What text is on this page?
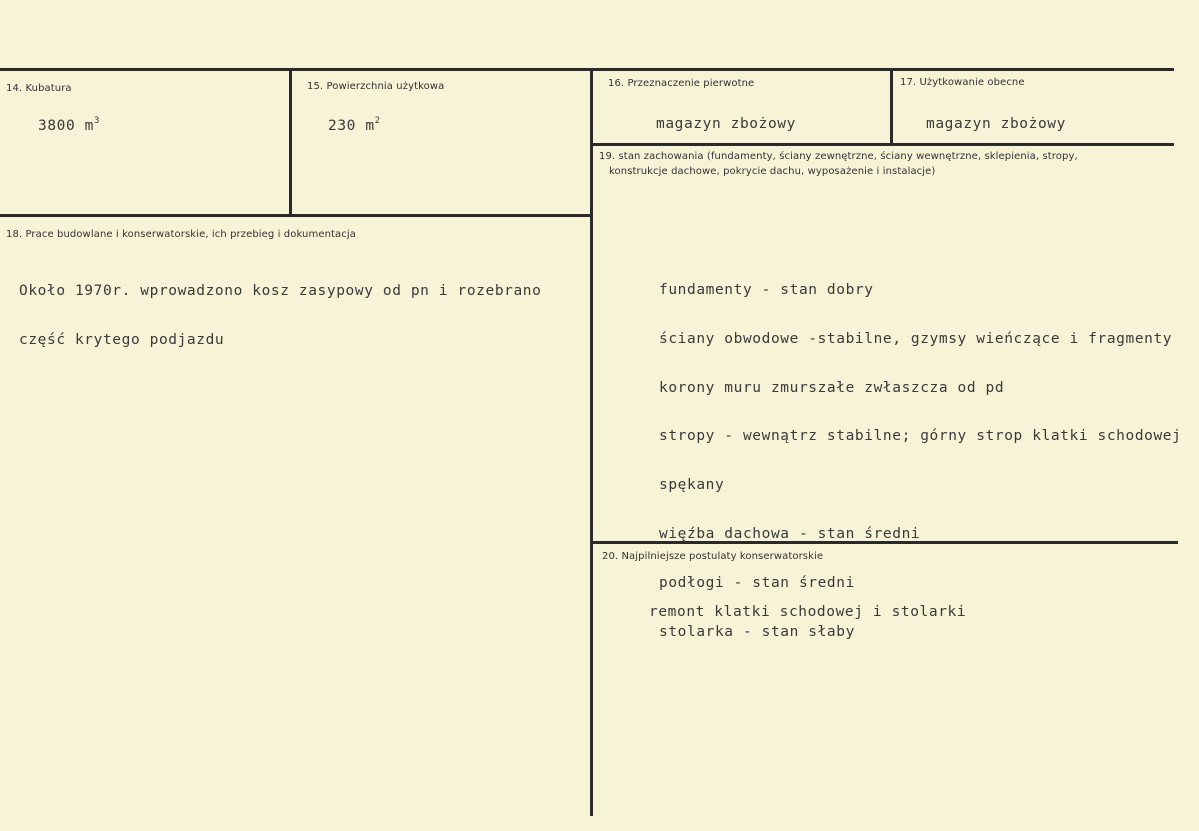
14. Kubatura
3800 $m^3$
15. Powierzchnia użytkowa
230 $m^2$
16. Przeznaczenie pierwotne
magazyn zbożowy
17. Użytkowanie obecne
magazyn zbożowy
18. Prace budowlane i konserwatorskie, ich przebieg i dokumentacja

Około 1970r. wprowadzono kosz zasypowy od pn i rozebrano

część krytego podjazdu

19. stan zachowania (fundamenty, ściany zewnętrzne, ściany wewnętrzne, sklepienia, stropy,
konstrukcje dachowe, pokrycie dachu, wyposażenie i instalacje)

fundamenty - stan dobry

ściany obwodowe -stabilne, gzymsy wieńczące i fragmenty

korony muru zmurszałe zwłaszcza od pd

stropy - wewnątrz stabilne; górny strop klatki schodowej

spękany

więźba dachowa - stan średni

podłogi - stan średni

stolarka - stan słaby

20. Najpilniejsze postulaty konserwatorskie
remont klatki schodowej i stolarki
